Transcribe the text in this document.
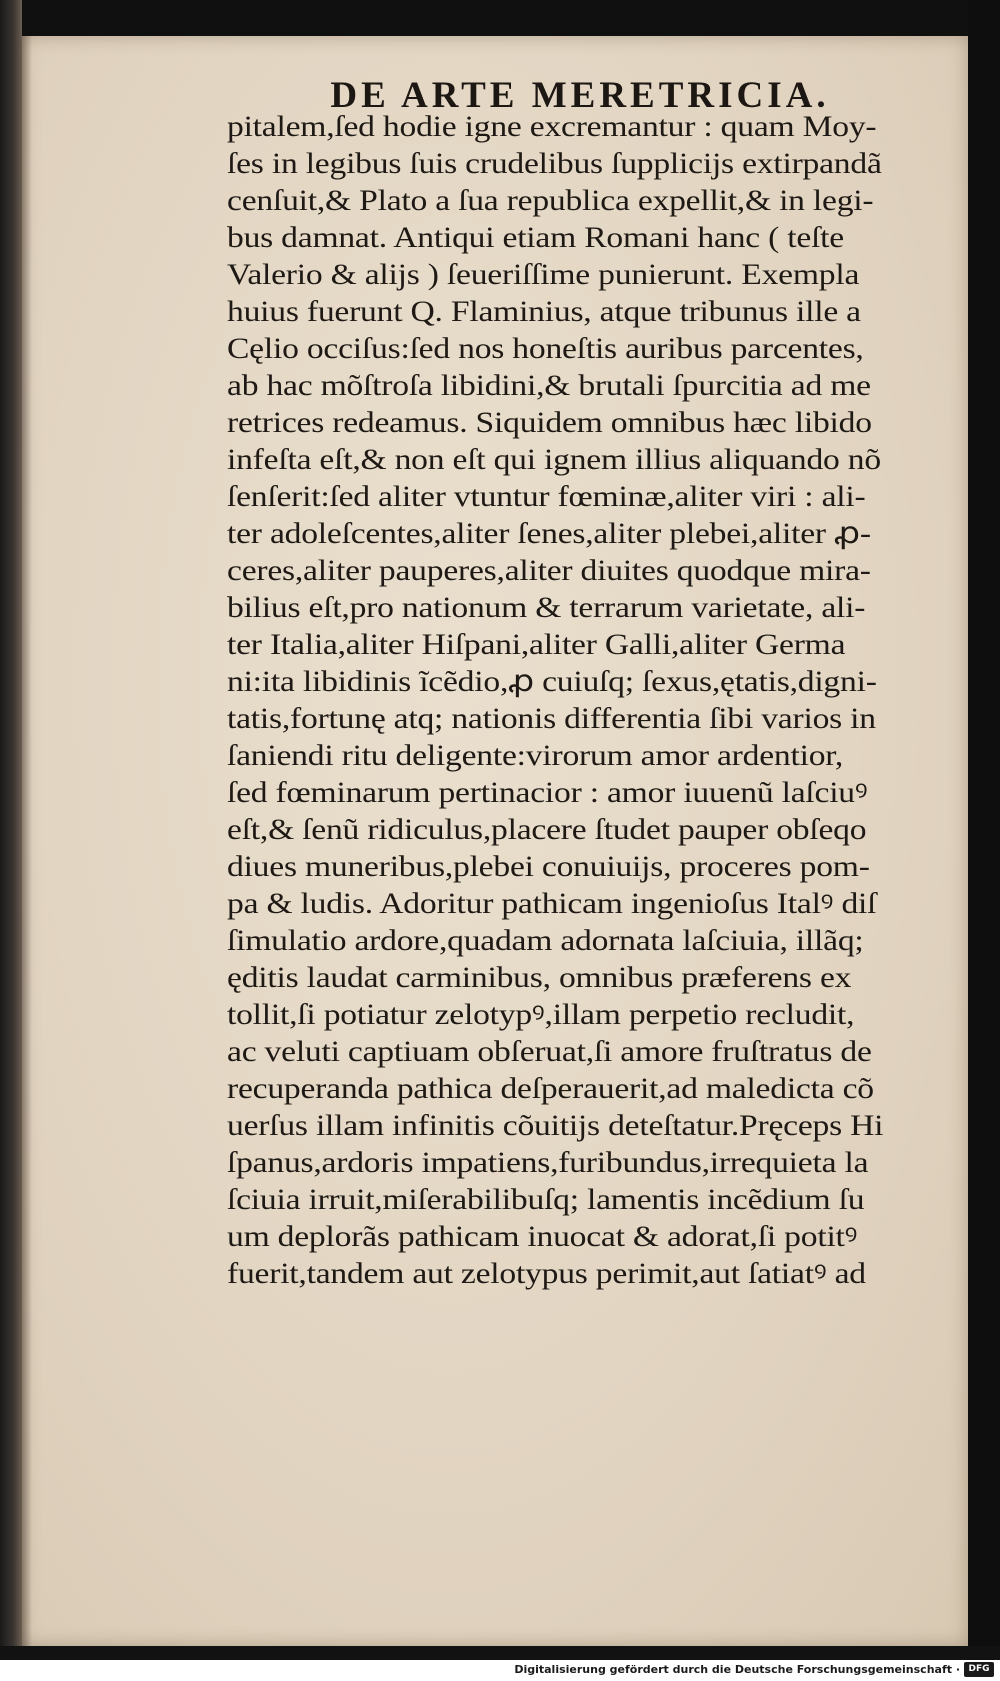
DE ARTE MERETRICIA.
pitalem,ſed hodie igne excremantur : quam Moy-
ſes in legibus ſuis crudelibus ſupplicijs extirpandã
cenſuit,& Plato a ſua republica expellit,& in legi-
bus damnat. Antiqui etiam Romani hanc ( teſte
Valerio & alijs ) ſeueriſſime punierunt. Exempla
huius fuerunt Q. Flaminius, atque tribunus ille a
Cęlio occiſus:ſed nos honeſtis auribus parcentes,
ab hac mõſtroſa libidini,& brutali ſpurcitia ad me
retrices redeamus. Siquidem omnibus hæc libido
infeſta eſt,& non eſt qui ignem illius aliquando nõ
ſenſerit:ſed aliter vtuntur fœminæ,aliter viri : ali-
ter adoleſcentes,aliter ſenes,aliter plebei,aliter ꝓ-
ceres,aliter pauperes,aliter diuites quodque mira-
bilius eſt,pro nationum & terrarum varietate, ali-
ter Italia,aliter Hiſpani,aliter Galli,aliter Germa
ni:ita libidinis ĩcẽdio,ꝓ cuiuſq; ſexus,ętatis,digni-
tatis,fortunę atq; nationis differentia ſibi varios in
ſaniendi ritu deligente:virorum amor ardentior,
ſed fœminarum pertinacior : amor iuuenũ laſciuꝰ
eſt,& ſenũ ridiculus,placere ſtudet pauper obſeqo
diues muneribus,plebei conuiuijs, proceres pom-
pa & ludis. Adoritur pathicam ingenioſus Italꝰ diſ
ſimulatio ardore,quadam adornata laſciuia, illãq;
ęditis laudat carminibus, omnibus præferens ex
tollit,ſi potiatur zelotypꝰ,illam perpetio recludit,
ac veluti captiuam obſeruat,ſi amore fruſtratus de
recuperanda pathica deſperauerit,ad maledicta cõ
uerſus illam infinitis cõuitijs deteſtatur.Pręceps Hi
ſpanus,ardoris impatiens,furibundus,irrequieta la
ſciuia irruit,miſerabilibuſq; lamentis incẽdium ſu
um deplorãs pathicam inuocat & adorat,ſi potitꝰ
fuerit,tandem aut zelotypus perimit,aut ſatiatꝰ ad
Digitalisierung gefördert durch die Deutsche Forschungsgemeinschaft · DFG
